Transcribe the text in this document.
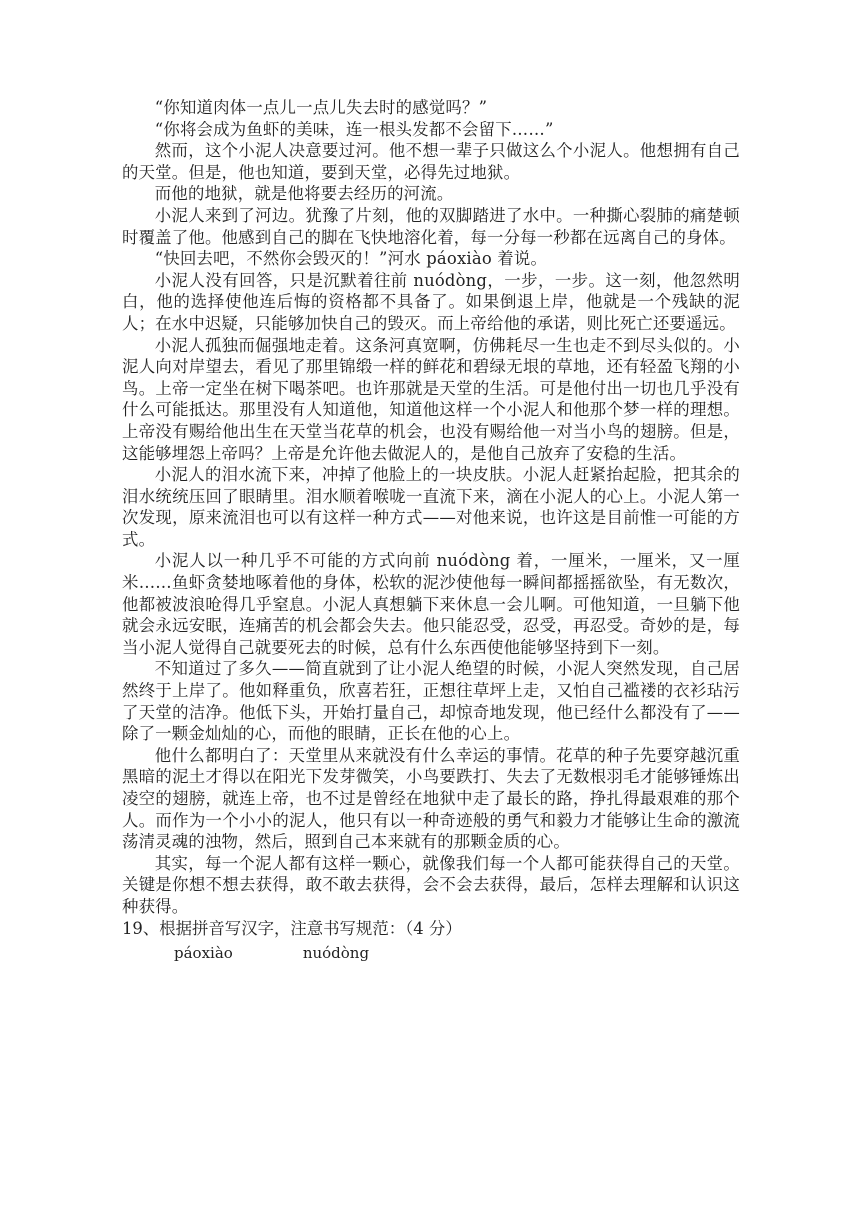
“你知道肉体一点儿一点儿失去时的感觉吗？”

“你将会成为鱼虾的美味，连一根头发都不会留下……”

然而，这个小泥人决意要过河。他不想一辈子只做这么个小泥人。他想拥有自己的天堂。但是，他也知道，要到天堂，必得先过地狱。

而他的地狱，就是他将要去经历的河流。

小泥人来到了河边。犹豫了片刻，他的双脚踏进了水中。一种撕心裂肺的痛楚顿时覆盖了他。他感到自己的脚在飞快地溶化着，每一分每一秒都在远离自己的身体。

“快回去吧，不然你会毁灭的！”河水 páoxiào 着说。

小泥人没有回答，只是沉默着往前 nuódòng，一步，一步。这一刻，他忽然明白，他的选择使他连后悔的资格都不具备了。如果倒退上岸，他就是一个残缺的泥人；在水中迟疑，只能够加快自己的毁灭。而上帝给他的承诺，则比死亡还要遥远。

小泥人孤独而倔强地走着。这条河真宽啊，仿佛耗尽一生也走不到尽头似的。小泥人向对岸望去，看见了那里锦缎一样的鲜花和碧绿无垠的草地，还有轻盈飞翔的小鸟。上帝一定坐在树下喝茶吧。也许那就是天堂的生活。可是他付出一切也几乎没有什么可能抵达。那里没有人知道他，知道他这样一个小泥人和他那个梦一样的理想。上帝没有赐给他出生在天堂当花草的机会，也没有赐给他一对当小鸟的翅膀。但是，这能够埋怨上帝吗？上帝是允许他去做泥人的，是他自己放弃了安稳的生活。

小泥人的泪水流下来，冲掉了他脸上的一块皮肤。小泥人赶紧抬起脸，把其余的泪水统统压回了眼睛里。泪水顺着喉咙一直流下来，滴在小泥人的心上。小泥人第一次发现，原来流泪也可以有这样一种方式——对他来说，也许这是目前惟一可能的方式。

小泥人以一种几乎不可能的方式向前 nuódòng 着，一厘米，一厘米，又一厘米……鱼虾贪婪地啄着他的身体，松软的泥沙使他每一瞬间都摇摇欲坠，有无数次，他都被波浪呛得几乎窒息。小泥人真想躺下来休息一会儿啊。可他知道，一旦躺下他就会永远安眠，连痛苦的机会都会失去。他只能忍受，忍受，再忍受。奇妙的是，每当小泥人觉得自己就要死去的时候，总有什么东西使他能够坚持到下一刻。

不知道过了多久——简直就到了让小泥人绝望的时候，小泥人突然发现，自己居然终于上岸了。他如释重负，欣喜若狂，正想往草坪上走，又怕自己褴褛的衣衫玷污了天堂的洁净。他低下头，开始打量自己，却惊奇地发现，他已经什么都没有了——除了一颗金灿灿的心，而他的眼睛，正长在他的心上。

他什么都明白了：天堂里从来就没有什么幸运的事情。花草的种子先要穿越沉重黑暗的泥土才得以在阳光下发芽微笑，小鸟要跌打、失去了无数根羽毛才能够锤炼出凌空的翅膀，就连上帝，也不过是曾经在地狱中走了最长的路，挣扎得最艰难的那个人。而作为一个小小的泥人，他只有以一种奇迹般的勇气和毅力才能够让生命的激流荡清灵魂的浊物，然后，照到自己本来就有的那颗金质的心。

其实，每一个泥人都有这样一颗心，就像我们每一个人都可能获得自己的天堂。关键是你想不想去获得，敢不敢去获得，会不会去获得，最后，怎样去理解和认识这种获得。

19、根据拼音写汉字，注意书写规范：（4 分）

páoxiào	nuódòng
